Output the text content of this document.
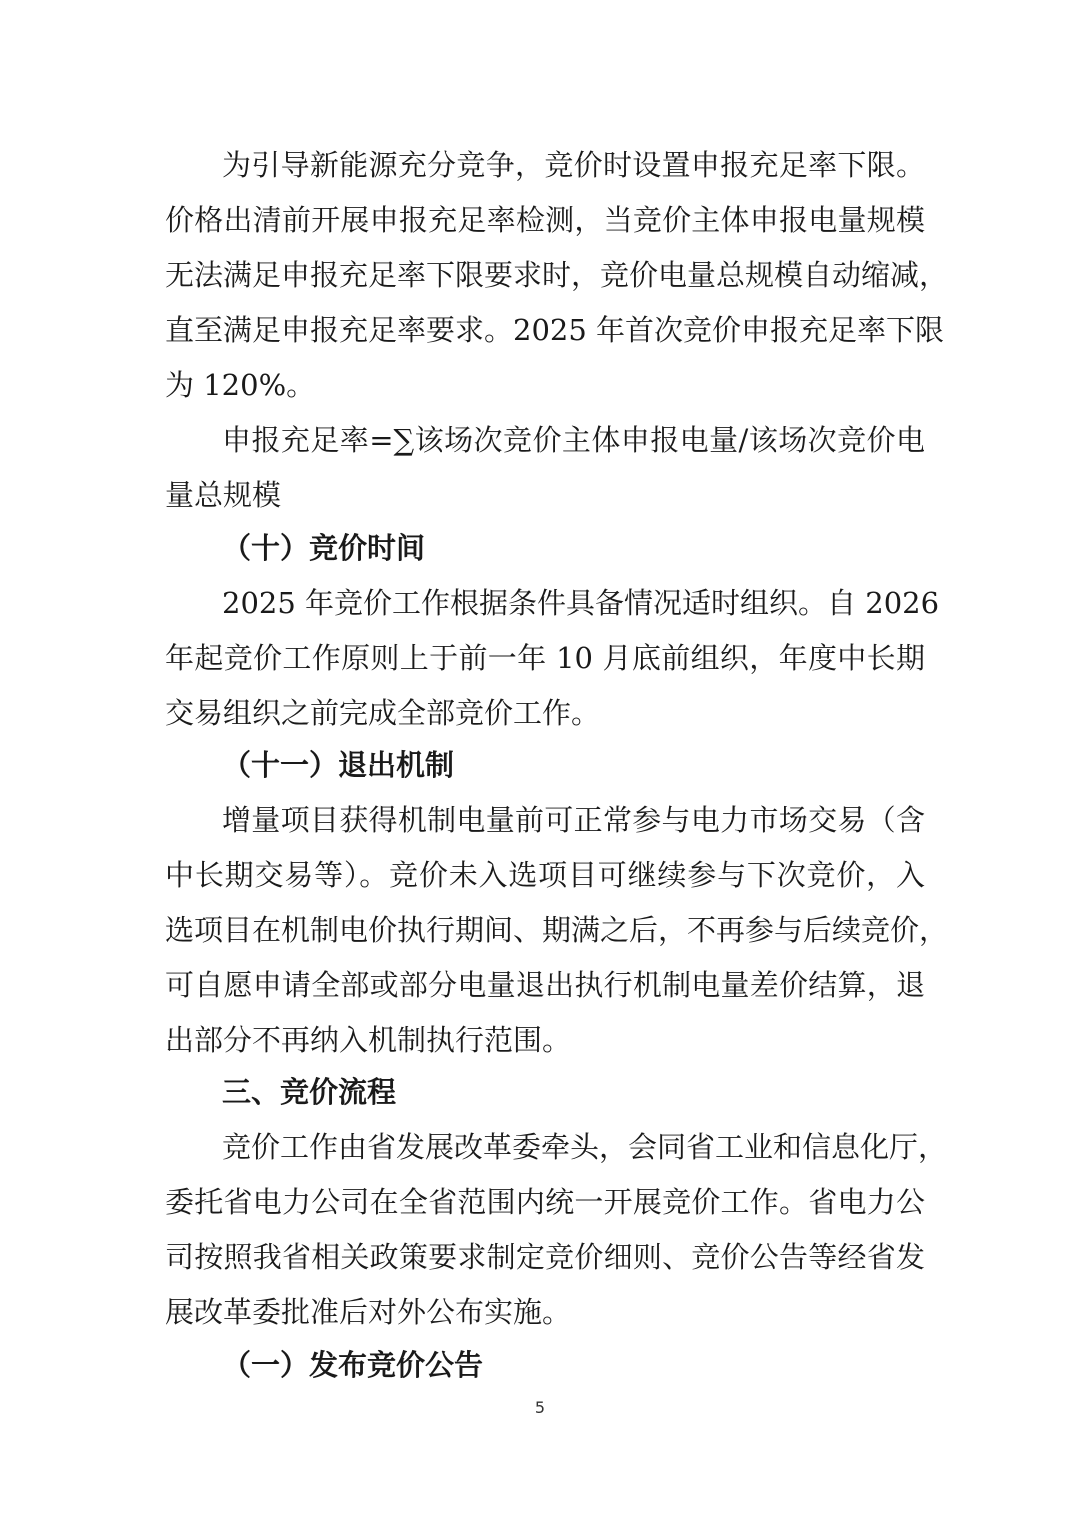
为引导新能源充分竞争，竞价时设置申报充足率下限。
价格出清前开展申报充足率检测，当竞价主体申报电量规模
无法满足申报充足率下限要求时，竞价电量总规模自动缩减，
直至满足申报充足率要求。2025 年首次竞价申报充足率下限
为 120%。
申报充足率=∑该场次竞价主体申报电量/该场次竞价电
量总规模
（十）竞价时间
2025 年竞价工作根据条件具备情况适时组织。自 2026
年起竞价工作原则上于前一年 10 月底前组织，年度中长期
交易组织之前完成全部竞价工作。
（十一）退出机制
增量项目获得机制电量前可正常参与电力市场交易（含
中长期交易等）。竞价未入选项目可继续参与下次竞价，入
选项目在机制电价执行期间、期满之后，不再参与后续竞价，
可自愿申请全部或部分电量退出执行机制电量差价结算，退
出部分不再纳入机制执行范围。
三、竞价流程
竞价工作由省发展改革委牵头，会同省工业和信息化厅，
委托省电力公司在全省范围内统一开展竞价工作。省电力公
司按照我省相关政策要求制定竞价细则、竞价公告等经省发
展改革委批准后对外公布实施。
（一）发布竞价公告
5
